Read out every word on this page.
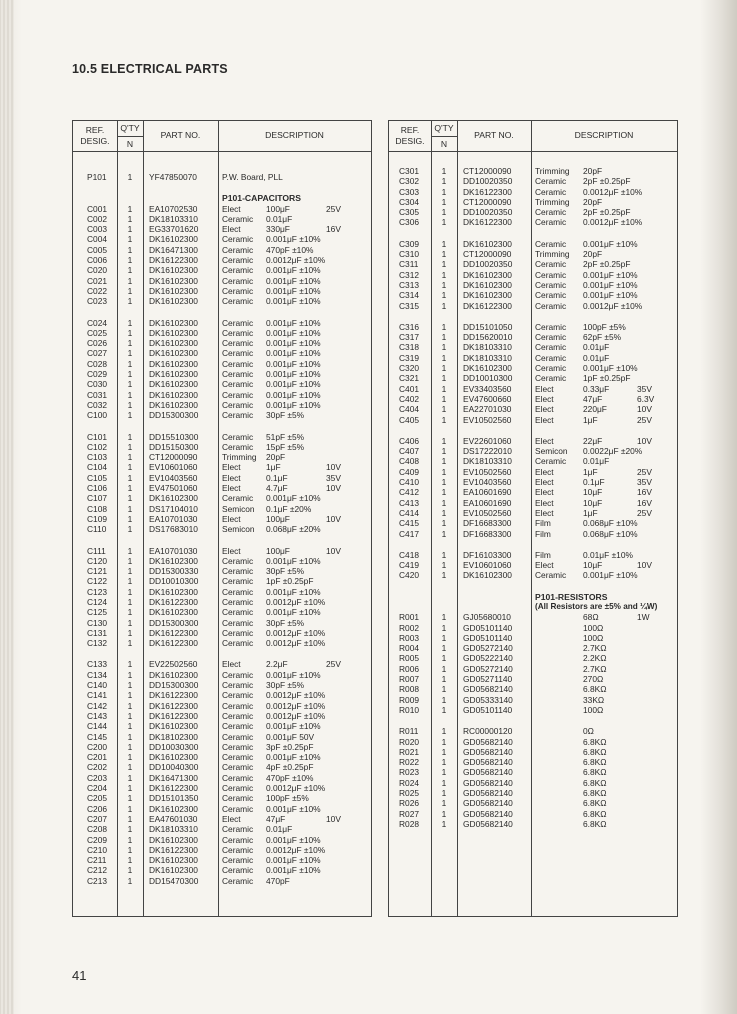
10.5 ELECTRICAL PARTS
REF.
DESIG.
Q'TY
N
PART NO.	DESCRIPTION
P101	1	YF47850070	P.W. Board, PLL
P101-CAPACITORS
C001	1	EA10702530	Elect	100μF	25V
C002	1	DK18103310	Ceramic 0.01μF
C003	1	EG33701620	Elect	330μF	16V
C004	1	DK16102300	Ceramic 0.001μF ±10%
C005	1	DK16471300	Ceramic 470pF ±10%
C006	1	DK16122300	Ceramic 0.0012μF ±10%
C020	1	DK16102300	Ceramic 0.001μF ±10%
C021	1	DK16102300	Ceramic 0.001μF ±10%
C022	1	DK16102300	Ceramic 0.001μF ±10%
C023	1	DK16102300	Ceramic 0.001μF ±10%
C024	1	DK16102300	Ceramic 0.001μF ±10%
C025	1	DK16102300	Ceramic 0.001μF ±10%
C026	1	DK16102300	Ceramic 0.001μF ±10%
C027	1	DK16102300	Ceramic 0.001μF ±10%
C028	1	DK16102300	Ceramic 0.001μF ±10%
C029	1	DK16102300	Ceramic 0.001μF ±10%
C030	1	DK16102300	Ceramic 0.001μF ±10%
C031	1	DK16102300	Ceramic 0.001μF ±10%
C032	1	DK16102300	Ceramic 0.001μF ±10%
C100	1	DD15300300	Ceramic 30pF ±5%
C101	1	DD15510300	Ceramic 51pF ±5%
C102	1	DD15150300	Ceramic 15pF ±5%
C103	1	CT12000090	Trimming 20pF
C104	1	EV10601060	Elect	1μF	10V
C105	1	EV10403560	Elect	0.1μF	35V
C106	1	EV47501060	Elect	4.7μF	10V
C107	1	DK16102300	Ceramic 0.001μF ±10%
C108	1	DS17104010	Semicon 0.1μF ±20%
C109	1	EA10701030	Elect	100μF	10V
C110	1	DS17683010	Semicon 0.068μF ±20%
C111	1	EA10701030	Elect	100μF	10V
C120	1	DK16102300	Ceramic 0.001μF ±10%
C121	1	DD15300330	Ceramic 30pF ±5%
C122	1	DD10010300	Ceramic 1pF ±0.25pF
C123	1	DK16102300	Ceramic 0.001μF ±10%
C124	1	DK16122300	Ceramic 0.0012μF ±10%
C125	1	DK16102300	Ceramic 0.001μF ±10%
C130	1	DD15300300	Ceramic 30pF ±5%
C131	1	DK16122300	Ceramic 0.0012μF ±10%
C132	1	DK16122300	Ceramic 0.0012μF ±10%
C133	1	EV22502560	Elect	2.2μF	25V
C134	1	DK16102300	Ceramic 0.001μF ±10%
C140	1	DD15300300	Ceramic 30pF ±5%
C141	1	DK16122300	Ceramic 0.0012μF ±10%
C142	1	DK16122300	Ceramic 0.0012μF ±10%
C143	1	DK16122300	Ceramic 0.0012μF ±10%
C144	1	DK16102300	Ceramic 0.001μF ±10%
C145	1	DK18102300	Ceramic 0.001μF 50V
C200	1	DD10030300	Ceramic 3pF ±0.25pF
C201	1	DK16102300	Ceramic 0.001μF ±10%
C202	1	DD10040300	Ceramic 4pF ±0.25pF
C203	1	DK16471300	Ceramic 470pF ±10%
C204	1	DK16122300	Ceramic 0.0012μF ±10%
C205	1	DD15101350	Ceramic 100pF ±5%
C206	1	DK16102300	Ceramic 0.001μF ±10%
C207	1	EA47601030	Elect	47μF	10V
C208	1	DK18103310	Ceramic 0.01μF
C209	1	DK16102300	Ceramic 0.001μF ±10%
C210	1	DK16122300	Ceramic 0.0012μF ±10%
C211	1	DK16102300	Ceramic 0.001μF ±10%
C212	1	DK16102300	Ceramic 0.001μF ±10%
C213	1	DD15470300	Ceramic 470pF
REF.
DESIG.
Q'TY
N
PART NO.	DESCRIPTION
C301	1	CT12000090	Trimming 20pF
C302	1	DD10020350	Ceramic 2pF ±0.25pF
C303	1	DK16122300	Ceramic 0.0012μF ±10%
C304	1	CT12000090	Trimming 20pF
C305	1	DD10020350	Ceramic 2pF ±0.25pF
C306	1	DK16122300	Ceramic 0.0012μF ±10%
C309	1	DK16102300	Ceramic 0.001μF ±10%
C310	1	CT12000090	Trimming 20pF
C311	1	DD10020350	Ceramic 2pF ±0.25pF
C312	1	DK16102300	Ceramic 0.001μF ±10%
C313	1	DK16102300	Ceramic 0.001μF ±10%
C314	1	DK16102300	Ceramic 0.001μF ±10%
C315	1	DK16122300	Ceramic 0.0012μF ±10%
C316	1	DD15101050	Ceramic 100pF ±5%
C317	1	DD15620010	Ceramic 62pF ±5%
C318	1	DK18103310	Ceramic 0.01μF
C319	1	DK18103310	Ceramic 0.01μF
C320	1	DK16102300	Ceramic 0.001μF ±10%
C321	1	DD10010300	Ceramic 1pF ±0.25pF
C401	1	EV33403560	Elect	0.33μF	35V
C402	1	EV47600660	Elect	47μF	6.3V
C404	1	EA22701030	Elect	220μF	10V
C405	1	EV10502560	Elect	1μF	25V
C406	1	EV22601060	Elect	22μF	10V
C407	1	DS17222010	Semicon 0.0022μF ±20%
C408	1	DK18103310	Ceramic 0.01μF
C409	1	EV10502560	Elect	1μF	25V
C410	1	EV10403560	Elect	0.1μF	35V
C412	1	EA10601690	Elect	10μF	16V
C413	1	EA10601690	Elect	10μF	16V
C414	1	EV10502560	Elect	1μF	25V
C415	1	DF16683300	Film	0.068μF ±10%
C417	1	DF16683300	Film	0.068μF ±10%
C418	1	DF16103300	Film	0.01μF ±10%
C419	1	EV10601060	Elect	10μF	10V
C420	1	DK16102300	Ceramic 0.001μF ±10%
P101-RESISTORS
(All Resistors are ±5% and ¼W)
R001	1	GJ05680010	68Ω	1W
R002	1	GD05101140	100Ω
R003	1	GD05101140	100Ω
R004	1	GD05272140	2.7KΩ
R005	1	GD05222140	2.2KΩ
R006	1	GD05272140	2.7KΩ
R007	1	GD05271140	270Ω
R008	1	GD05682140	6.8KΩ
R009	1	GD05333140	33KΩ
R010	1	GD05101140	100Ω
R011	1	RC00000120	0Ω
R020	1	GD05682140	6.8KΩ
R021	1	GD05682140	6.8KΩ
R022	1	GD05682140	6.8KΩ
R023	1	GD05682140	6.8KΩ
R024	1	GD05682140	6.8KΩ
R025	1	GD05682140	6.8KΩ
R026	1	GD05682140	6.8KΩ
R027	1	GD05682140	6.8KΩ
R028	1	GD05682140	6.8KΩ
41
